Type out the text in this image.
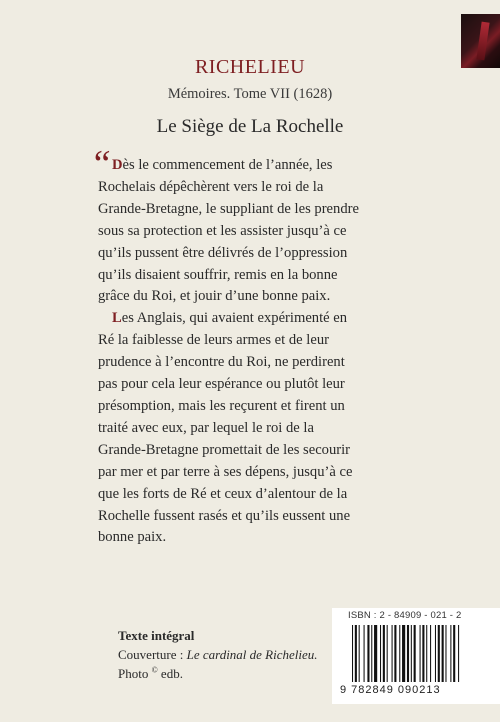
RICHELIEU
Mémoires. Tome VII (1628)
Le Siège de La Rochelle
“ Dès le commencement de l’année, les
Rochelais dépêchèrent vers le roi de la
Grande-Bretagne, le suppliant de les prendre
sous sa protection et les assister jusqu’à ce
qu’ils pussent être délivrés de l’oppression
qu’ils disaient souffrir, remis en la bonne
grâce du Roi, et jouir d’une bonne paix.
Les Anglais, qui avaient expérimenté en
Ré la faiblesse de leurs armes et de leur
prudence à l’encontre du Roi, ne perdirent
pas pour cela leur espérance ou plutôt leur
présomption, mais les reçurent et firent un
traité avec eux, par lequel le roi de la
Grande-Bretagne promettait de les secourir
par mer et par terre à ses dépens, jusqu’à ce
que les forts de Ré et ceux d’alentour de la
Rochelle fussent rasés et qu’ils eussent une
bonne paix.
Texte intégral
Couverture : Le cardinal de Richelieu.
Photo © edb.
ISBN : 2 - 84909 - 021 - 2
9 782849 090213
